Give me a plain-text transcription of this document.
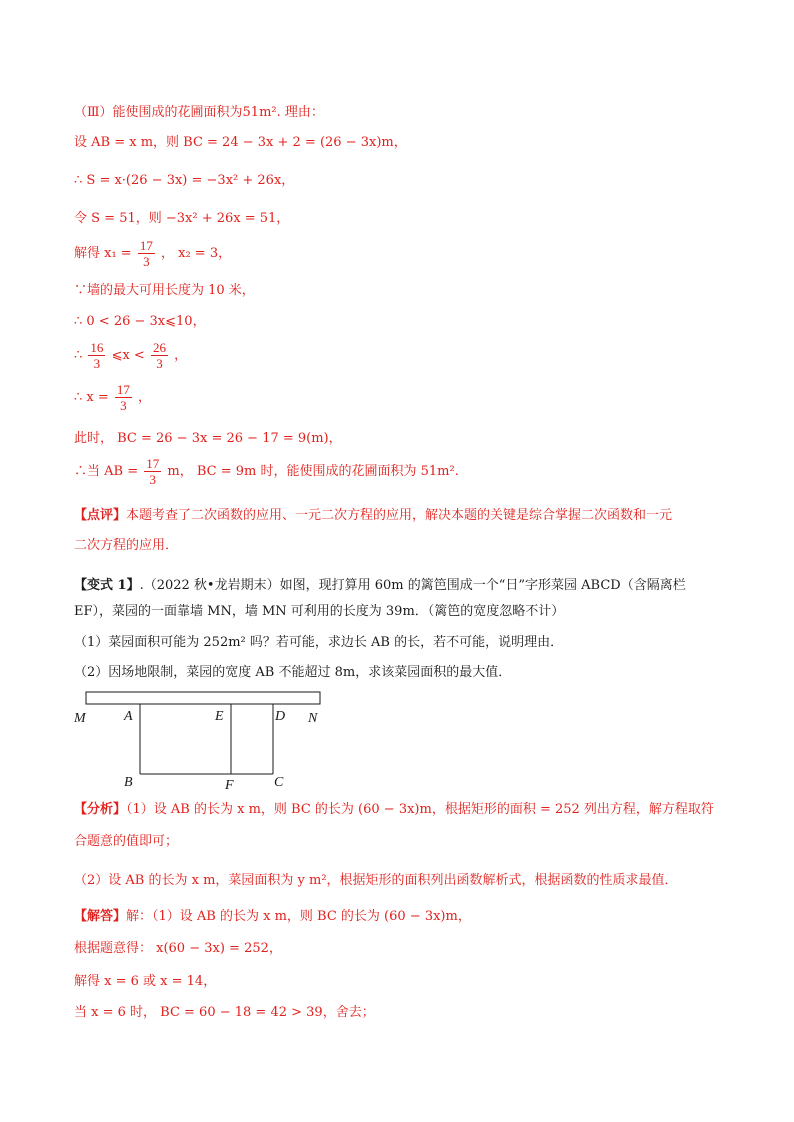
（Ⅲ）能使围成的花圃面积为51m². 理由：
设 AB = x m，则 BC = 24 − 3x + 2 = (26 − 3x)m，
∴ S = x·(26 − 3x) = −3x² + 26x，
令 S = 51，则 −3x² + 26x = 51，
解得 $x_1 = \frac{17}{3}$ ， x₂ = 3，
∵墙的最大可用长度为 10 米，
∴ 0 < 26 − 3x⩽10，
∴ $\frac{16}{3}$ ⩽x < $\frac{26}{3}$ ，
∴ $x = \frac{17}{3}$ ，
此时， BC = 26 − 3x = 26 − 17 = 9(m)，
∴当 AB = $\frac{17}{3}$ m， BC = 9m 时，能使围成的花圃面积为 51m².
【点评】本题考查了二次函数的应用、一元二次方程的应用，解决本题的关键是综合掌握二次函数和一元
二次方程的应用．
【变式 1】.（2022 秋•龙岩期末）如图，现打算用 60m 的篱笆围成一个“日”字形菜园 ABCD（含隔离栏
EF），菜园的一面靠墙 MN，墙 MN 可利用的长度为 39m．（篱笆的宽度忽略不计）
（1）菜园面积可能为 252m² 吗？若可能，求边长 AB 的长，若不可能，说明理由．
（2）因场地限制，菜园的宽度 AB 不能超过 8m，求该菜园面积的最大值．
M	A	E	D N
B	F	C
【分析】（1）设 AB 的长为 x m，则 BC 的长为 (60 − 3x)m，根据矩形的面积 = 252 列出方程，解方程取符
合题意的值即可；
（2）设 AB 的长为 x m，菜园面积为 y m²，根据矩形的面积列出函数解析式，根据函数的性质求最值．
【解答】解：（1）设 AB 的长为 x m，则 BC 的长为 (60 − 3x)m，
根据题意得： x(60 − 3x) = 252，
解得 x = 6 或 x = 14，
当 x = 6 时， BC = 60 − 18 = 42 > 39，舍去；
